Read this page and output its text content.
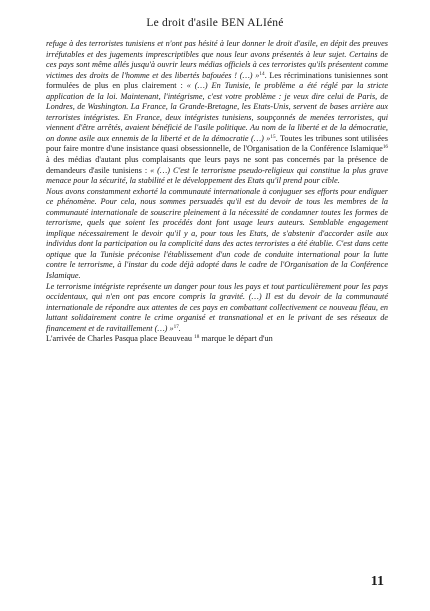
Le droit d'asile BEN ALIéné

refuge à des terroristes tunisiens et n'ont pas hésité à leur donner le droit d'asile, en dépit des preuves irréfutables et des jugements imprescriptibles que nous leur avons présentés à leur sujet. Certains de ces pays sont même allés jusqu'à ouvrir leurs médias officiels à ces terroristes qu'ils présentent comme victimes des droits de l'homme et des libertés bafouées ! (…) »$^{14}$. Les récriminations tunisiennes sont formulées de plus en plus clairement : « (…) En Tunisie, le problème a été réglé par la stricte application de la loi. Maintenant, l'intégrisme, c'est votre problème : je veux dire celui de Paris, de Londres, de Washington. La France, la Grande-Bretagne, les Etats-Unis, servent de bases arrière aux terroristes intégristes. En France, deux intégristes tunisiens, soupçonnés de menées terroristes, qui viennent d'être arrêtés, avaient bénéficié de l'asile politique. Au nom de la liberté et de la démocratie, on donne asile aux ennemis de la liberté et de la démocratie (…) »$^{15}$. Toutes les tribunes sont utilisées pour faire montre d'une insistance quasi obsessionnelle, de l'Organisation de la Conférence Islamique$^{16}$ à des médias d'autant plus complaisants que leurs pays ne sont pas concernés par la présence de demandeurs d'asile tunisiens : « (…) C'est le terrorisme pseudo-religieux qui constitue la plus grave menace pour la sécurité, la stabilité et le développement des Etats qu'il prend pour cible.

Nous avons constamment exhorté la communauté internationale à conjuguer ses efforts pour endiguer ce phénomène. Pour cela, nous sommes persuadés qu'il est du devoir de tous les membres de la communauté internationale de souscrire pleinement à la nécessité de condamner toutes les formes de terrorisme, quels que soient les procédés dont font usage leurs auteurs. Semblable engagement implique nécessairement le devoir qu'il y a, pour tous les Etats, de s'abstenir d'accorder asile aux individus dont la participation ou la complicité dans des actes terroristes a été établie. C'est dans cette optique que la Tunisie préconise l'établissement d'un code de conduite international pour la lutte contre le terrorisme, à l'instar du code déjà adopté dans le cadre de l'Organisation de la Conférence Islamique.

Le terrorisme intégriste représente un danger pour tous les pays et tout particulièrement pour les pays occidentaux, qui n'en ont pas encore compris la gravité. (…) Il est du devoir de la communauté internationale de répondre aux attentes de ces pays en combattant collectivement ce nouveau fléau, en luttant solidairement contre le crime organisé et transnational et en le privant de ses réseaux de financement et de ravitaillement (…) »$^{17}$.

L'arrivée de Charles Pasqua place Beauveau $^{18}$ marque le départ d'un

11
